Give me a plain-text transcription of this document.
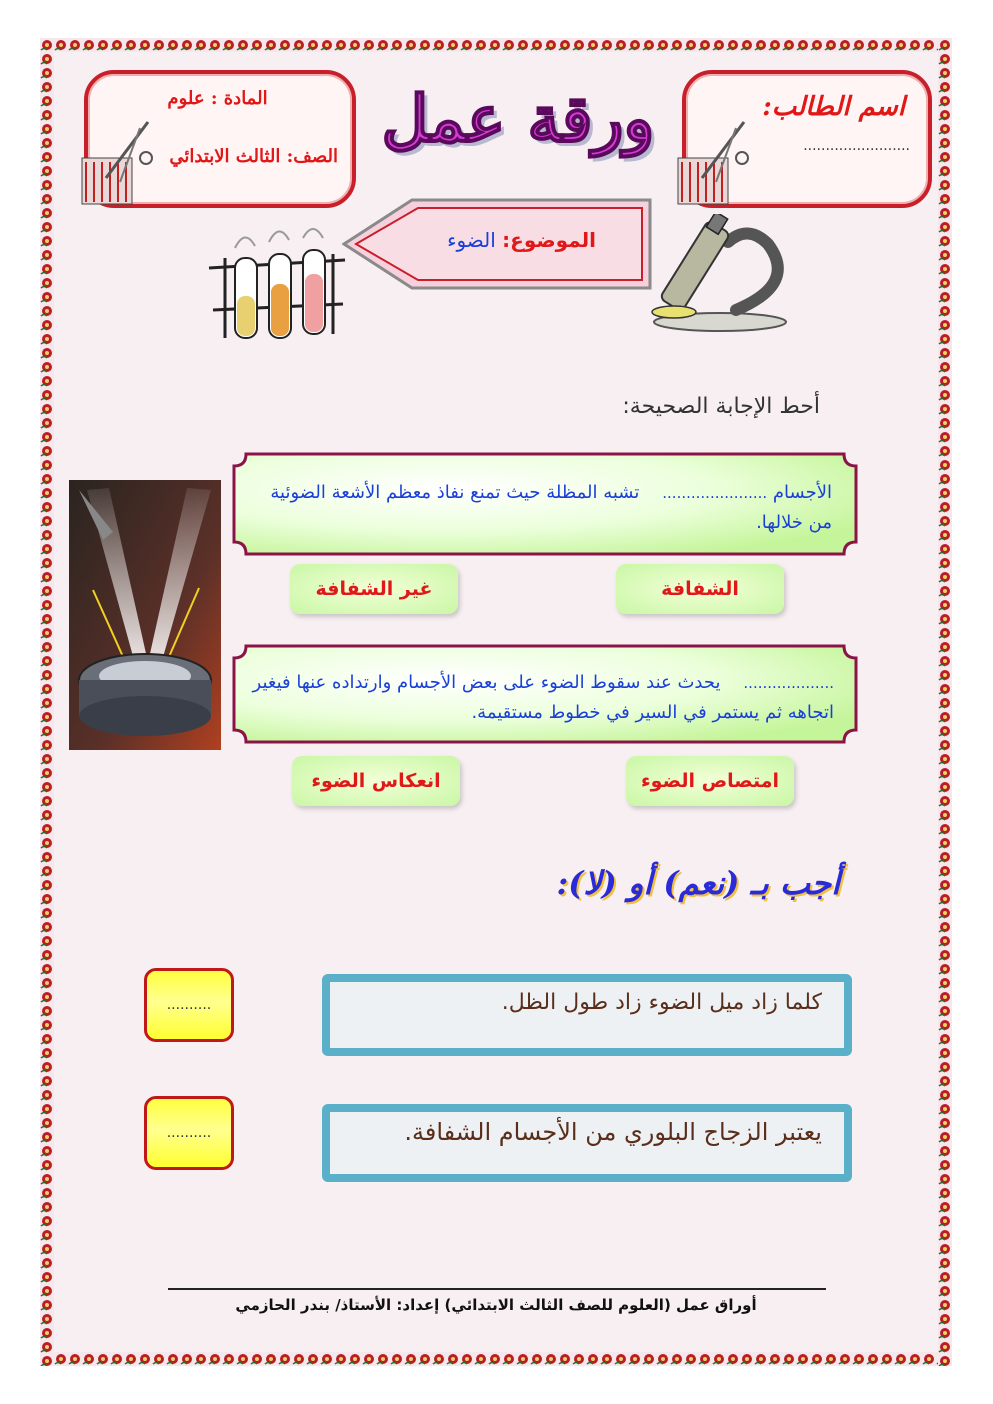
اسم الطالب:
........................
المادة : علوم
الصف: الثالث الابتدائي ورقة عمل
الموضوع: الضوء
أحط الإجابة الصحيحة:
الأجسام ......................    تشبه المظلة حيث تمنع نفاذ معظم الأشعة الضوئية من خلالها.
الشفافة
غير الشفافة
...................    يحدث عند سقوط الضوء على بعض الأجسام وارتداده عنها فيغير اتجاهه ثم يستمر في السير في خطوط مستقيمة.
امتصاص الضوء
انعكاس الضوء
أجب بـ (نعم) أو (لا):
كلما زاد ميل الضوء زاد طول الظل.
..........
يعتبر الزجاج البلوري من الأجسام الشفافة.
..........
أوراق عمل (العلوم للصف الثالث الابتدائي) إعداد: الأستاذ/ بندر الحازمي
